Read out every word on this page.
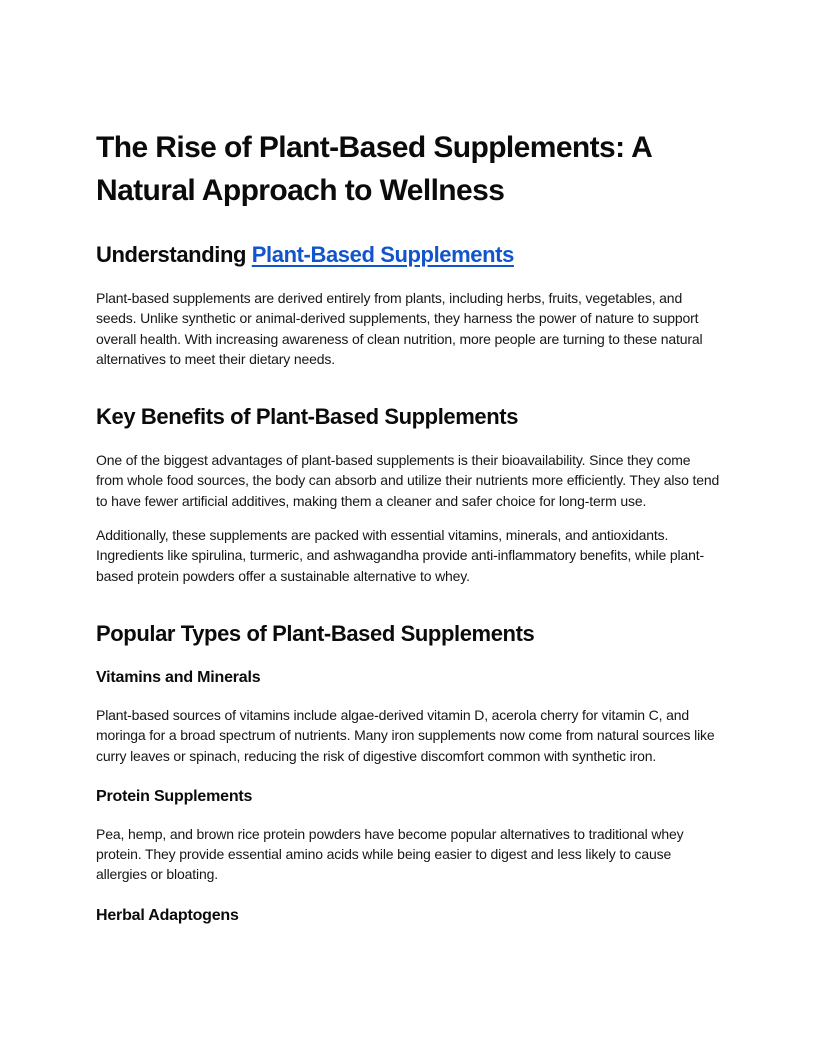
The Rise of Plant-Based Supplements: A Natural Approach to Wellness
Understanding Plant-Based Supplements

Plant-based supplements are derived entirely from plants, including herbs, fruits, vegetables, and seeds. Unlike synthetic or animal-derived supplements, they harness the power of nature to support overall health. With increasing awareness of clean nutrition, more people are turning to these natural alternatives to meet their dietary needs.

Key Benefits of Plant-Based Supplements

One of the biggest advantages of plant-based supplements is their bioavailability. Since they come from whole food sources, the body can absorb and utilize their nutrients more efficiently. They also tend to have fewer artificial additives, making them a cleaner and safer choice for long-term use.

Additionally, these supplements are packed with essential vitamins, minerals, and antioxidants. Ingredients like spirulina, turmeric, and ashwagandha provide anti-inflammatory benefits, while plant-based protein powders offer a sustainable alternative to whey.

Popular Types of Plant-Based Supplements
Vitamins and Minerals

Plant-based sources of vitamins include algae-derived vitamin D, acerola cherry for vitamin C, and moringa for a broad spectrum of nutrients. Many iron supplements now come from natural sources like curry leaves or spinach, reducing the risk of digestive discomfort common with synthetic iron.

Protein Supplements

Pea, hemp, and brown rice protein powders have become popular alternatives to traditional whey protein. They provide essential amino acids while being easier to digest and less likely to cause allergies or bloating.

Herbal Adaptogens
